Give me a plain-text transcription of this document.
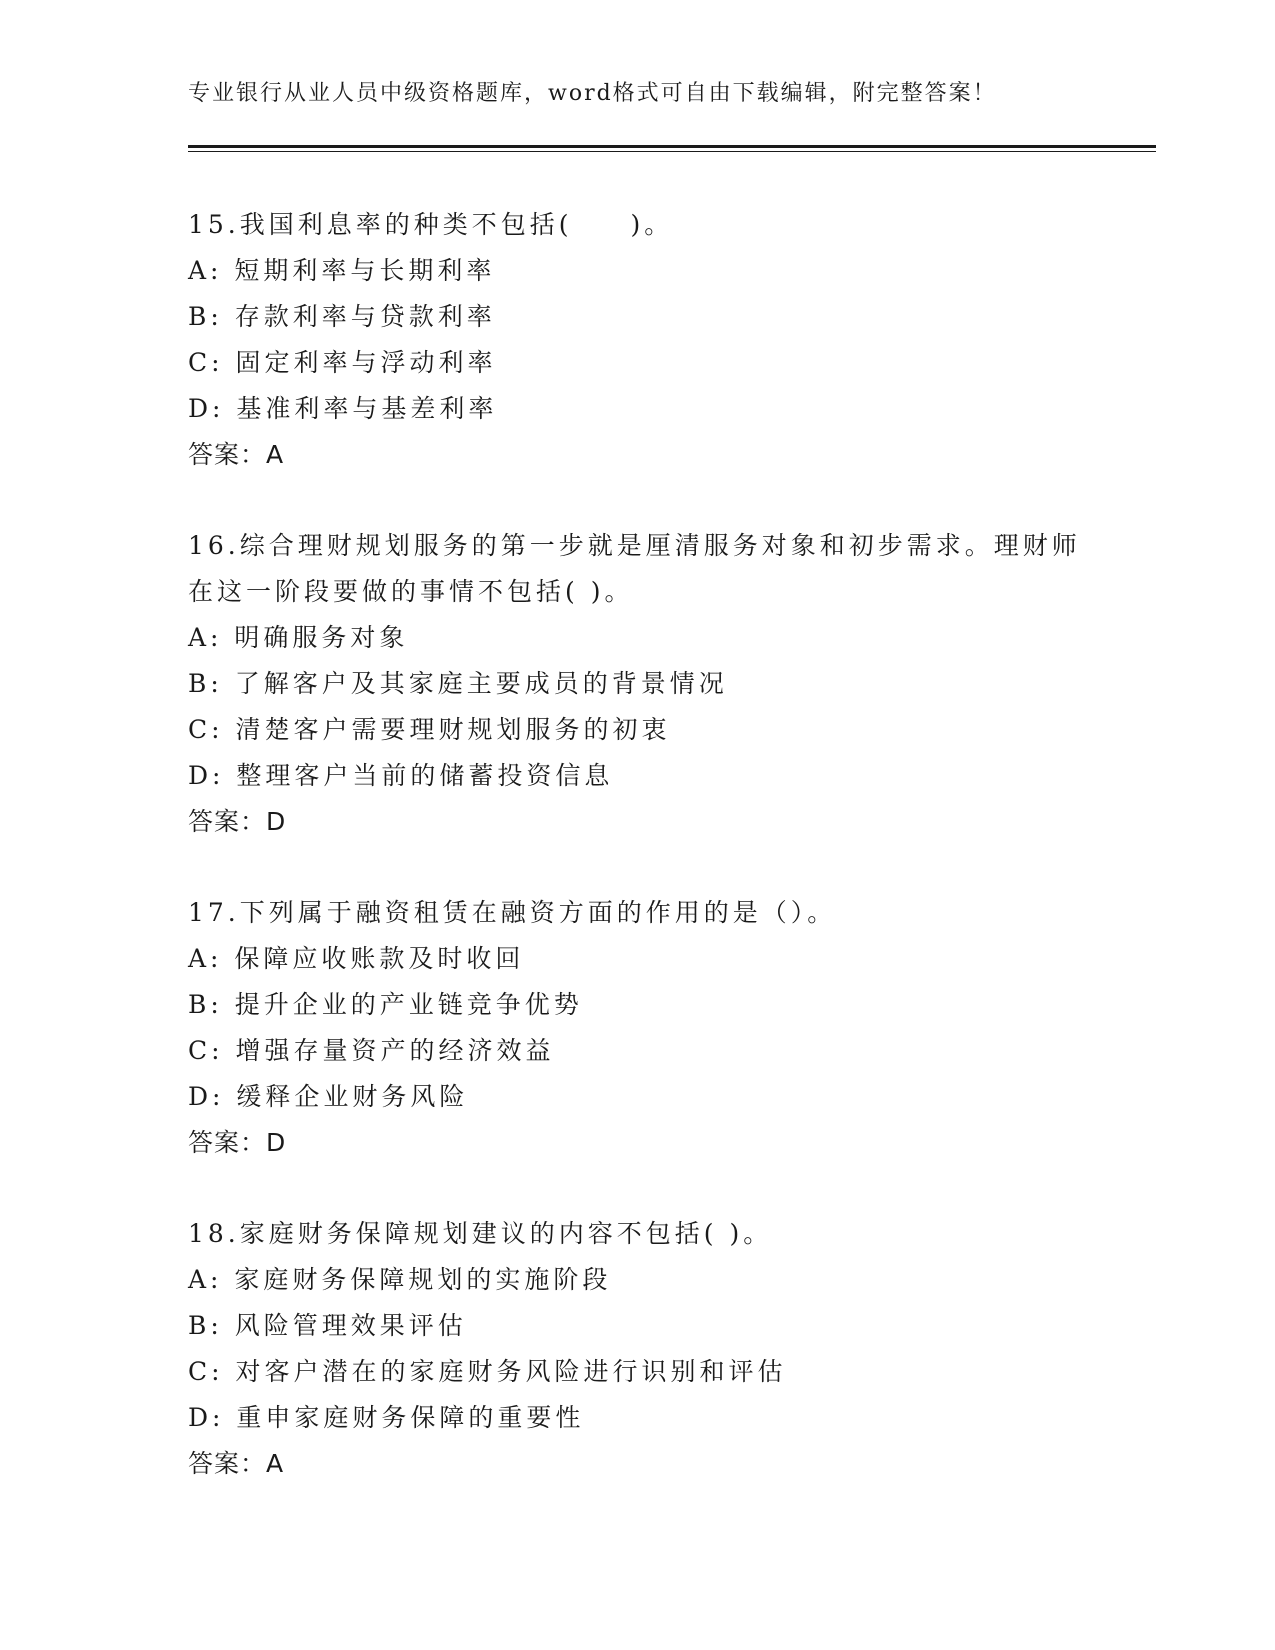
专业银行从业人员中级资格题库，word格式可自由下载编辑，附完整答案！
15.我国利息率的种类不包括(　　)。
A: 短期利率与长期利率
B: 存款利率与贷款利率
C: 固定利率与浮动利率
D: 基准利率与基差利率
答案：A
16.综合理财规划服务的第一步就是厘清服务对象和初步需求。理财师
在这一阶段要做的事情不包括( )。
A: 明确服务对象
B: 了解客户及其家庭主要成员的背景情况
C: 清楚客户需要理财规划服务的初衷
D: 整理客户当前的储蓄投资信息
答案：D
17.下列属于融资租赁在融资方面的作用的是（）。
A: 保障应收账款及时收回
B: 提升企业的产业链竞争优势
C: 增强存量资产的经济效益
D: 缓释企业财务风险
答案：D
18.家庭财务保障规划建议的内容不包括( )。
A: 家庭财务保障规划的实施阶段
B: 风险管理效果评估
C: 对客户潜在的家庭财务风险进行识别和评估
D: 重申家庭财务保障的重要性
答案：A
